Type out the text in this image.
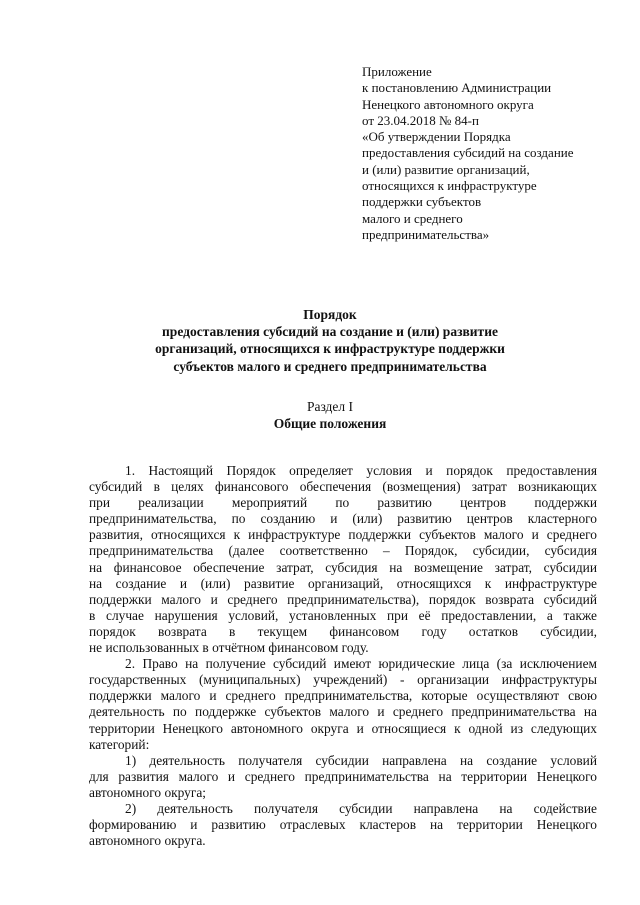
Приложение
к постановлению Администрации
Ненецкого автономного округа
от 23.04.2018 № 84-п
«Об утверждении Порядка
предоставления субсидий на создание
и (или) развитие организаций,
относящихся к инфраструктуре
поддержки субъектов
малого и среднего
предпринимательства»
Порядок
предоставления субсидий на создание и (или) развитие
организаций, относящихся к инфраструктуре поддержки
субъектов малого и среднего предпринимательства
Раздел I
Общие положения
1. Настоящий Порядок определяет условия и порядок предоставления
субсидий в целях финансового обеспечения (возмещения) затрат возникающих
при реализации мероприятий по развитию центров поддержки
предпринимательства, по созданию и (или) развитию центров кластерного
развития, относящихся к инфраструктуре поддержки субъектов малого и среднего
предпринимательства (далее соответственно – Порядок, субсидии, субсидия
на финансовое обеспечение затрат, субсидия на возмещение затрат, субсидии
на создание и (или) развитие организаций, относящихся к инфраструктуре
поддержки малого и среднего предпринимательства), порядок возврата субсидий
в случае нарушения условий, установленных при её предоставлении, а также
порядок возврата в текущем финансовом году остатков субсидии,
не использованных в отчётном финансовом году.
2. Право на получение субсидий имеют юридические лица (за исключением
государственных (муниципальных) учреждений) - организации инфраструктуры
поддержки малого и среднего предпринимательства, которые осуществляют свою
деятельность по поддержке субъектов малого и среднего предпринимательства на
территории Ненецкого автономного округа и относящиеся к одной из следующих
категорий:
1) деятельность получателя субсидии направлена на создание условий
для развития малого и среднего предпринимательства на территории Ненецкого
автономного округа;
2) деятельность получателя субсидии направлена на содействие
формированию и развитию отраслевых кластеров на территории Ненецкого
автономного округа.
